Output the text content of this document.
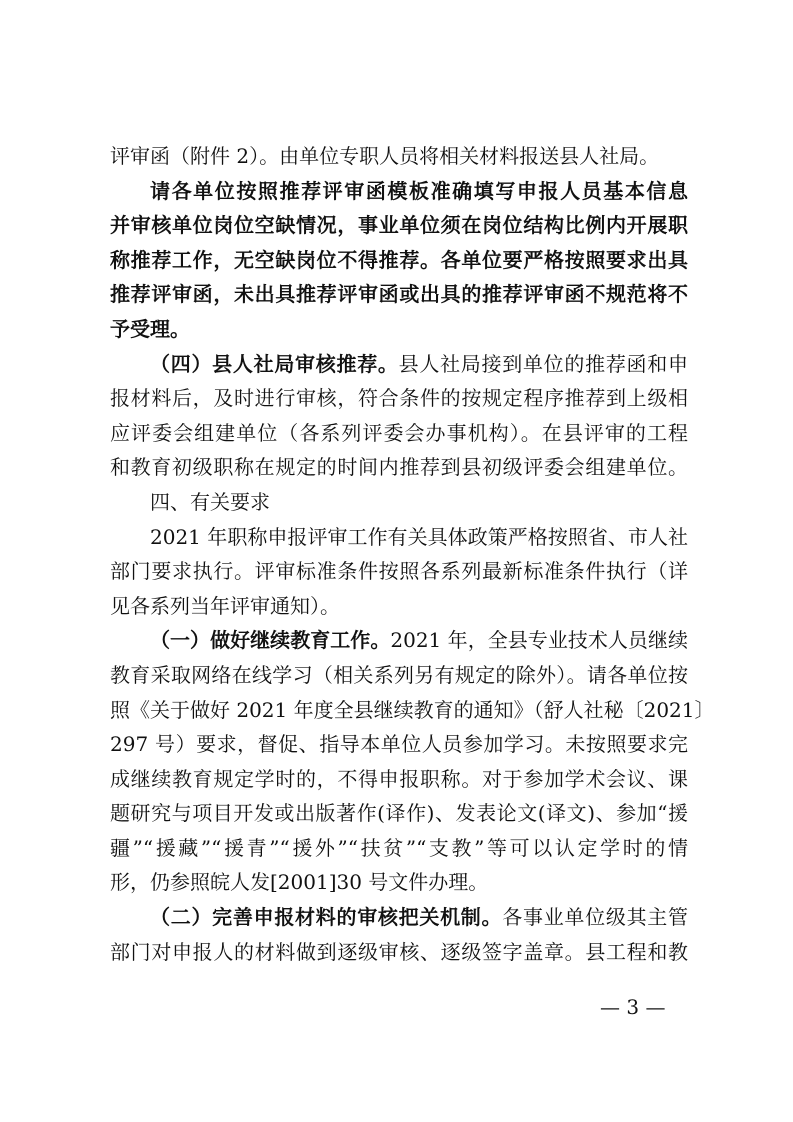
评审函（附件 2）。由单位专职人员将相关材料报送县人社局。
请各单位按照推荐评审函模板准确填写申报人员基本信息
并审核单位岗位空缺情况，事业单位须在岗位结构比例内开展职
称推荐工作，无空缺岗位不得推荐。各单位要严格按照要求出具
推荐评审函，未出具推荐评审函或出具的推荐评审函不规范将不
予受理。
（四）县人社局审核推荐。县人社局接到单位的推荐函和申
报材料后，及时进行审核，符合条件的按规定程序推荐到上级相
应评委会组建单位（各系列评委会办事机构）。在县评审的工程
和教育初级职称在规定的时间内推荐到县初级评委会组建单位。
四、有关要求
2021 年职称申报评审工作有关具体政策严格按照省、市人社
部门要求执行。评审标准条件按照各系列最新标准条件执行（详
见各系列当年评审通知）。
（一）做好继续教育工作。2021 年，全县专业技术人员继续
教育采取网络在线学习（相关系列另有规定的除外）。请各单位按
照《关于做好 2021 年度全县继续教育的通知》（舒人社秘〔2021〕
297 号）要求，督促、指导本单位人员参加学习。未按照要求完
成继续教育规定学时的，不得申报职称。对于参加学术会议、课
题研究与项目开发或出版著作(译作)、发表论文(译文)、参加“援
疆”“援藏”“援青”“援外”“扶贫”“支教”等可以认定学时的情
形，仍参照皖人发[2001]30 号文件办理。
（二）完善申报材料的审核把关机制。各事业单位级其主管
部门对申报人的材料做到逐级审核、逐级签字盖章。县工程和教
— 3 —
